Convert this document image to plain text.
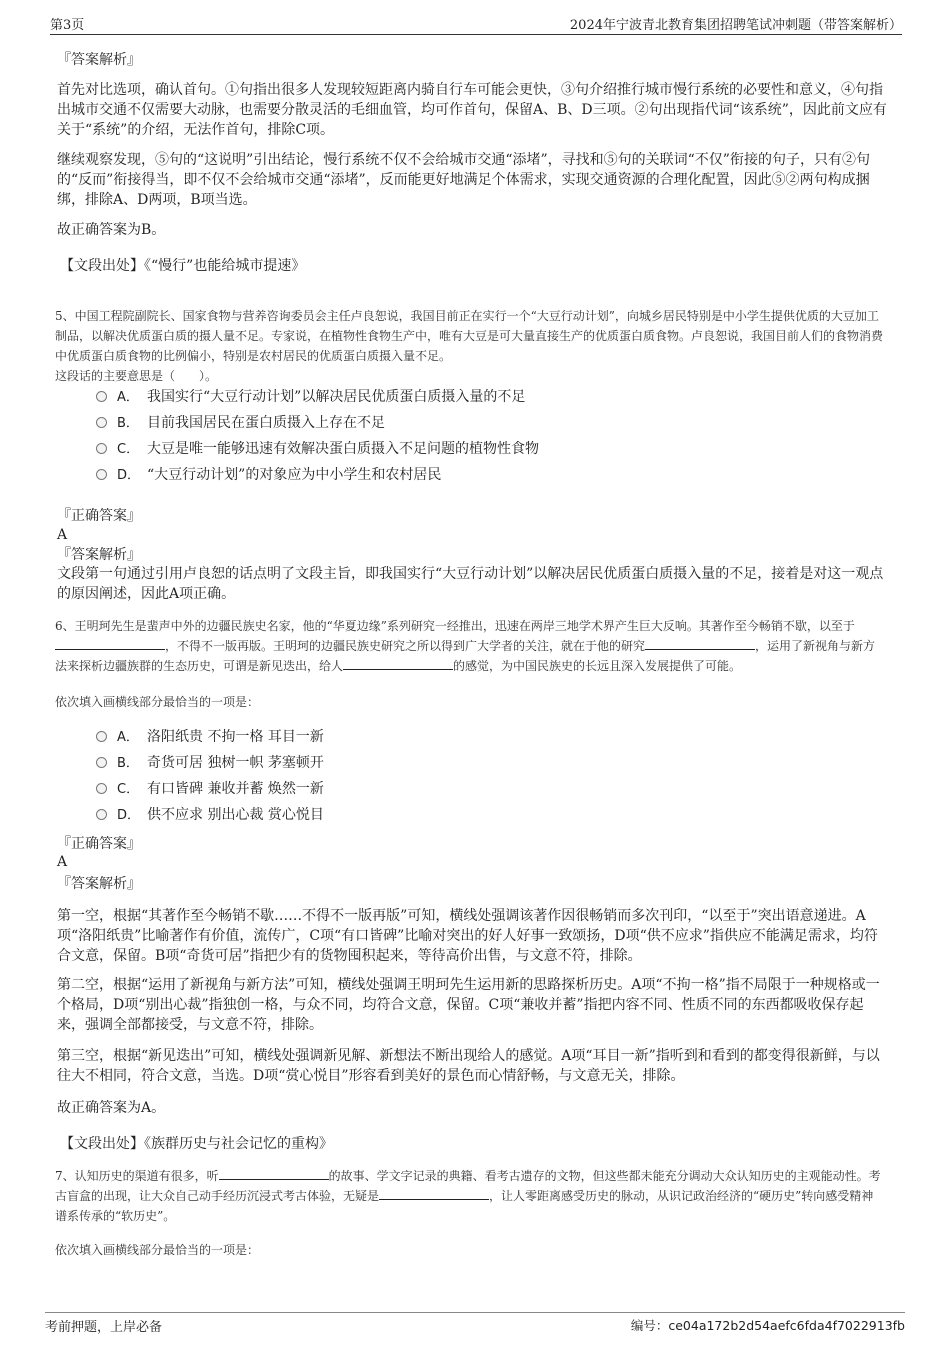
第3页	2024年宁波青北教育集团招聘笔试冲刺题（带答案解析）
『答案解析』
首先对比选项，确认首句。①句指出很多人发现较短距离内骑自行车可能会更快，③句介绍推行城市慢行系统的必要性和意义，④句指出城市交通不仅需要大动脉，也需要分散灵活的毛细血管，均可作首句，保留A、B、D三项。②句出现指代词“该系统”，因此前文应有关于“系统”的介绍，无法作首句，排除C项。
继续观察发现，⑤句的“这说明”引出结论，慢行系统不仅不会给城市交通“添堵”，寻找和⑤句的关联词“不仅”衔接的句子，只有②句的“反而”衔接得当，即不仅不会给城市交通“添堵”，反而能更好地满足个体需求，实现交通资源的合理化配置，因此⑤②两句构成捆绑，排除A、D两项，B项当选。
故正确答案为B。
【文段出处】《“慢行”也能给城市提速》
5、中国工程院副院长、国家食物与营养咨询委员会主任卢良恕说，我国目前正在实行一个“大豆行动计划”，向城乡居民特别是中小学生提供优质的大豆加工制品，以解决优质蛋白质的摄人量不足。专家说，在植物性食物生产中，唯有大豆是可大量直接生产的优质蛋白质食物。卢良恕说，我国目前人们的食物消费中优质蛋白质食物的比例偏小，特别是农村居民的优质蛋白质摄入量不足。
这段话的主要意思是（　　）。
A． 我国实行“大豆行动计划”以解决居民优质蛋白质摄入量的不足
B． 目前我国居民在蛋白质摄入上存在不足
C． 大豆是唯一能够迅速有效解决蛋白质摄入不足问题的植物性食物
D． “大豆行动计划”的对象应为中小学生和农村居民
『正确答案』
A
『答案解析』
文段第一句通过引用卢良恕的话点明了文段主旨，即我国实行“大豆行动计划”以解决居民优质蛋白质摄入量的不足，接着是对这一观点的原因阐述，因此A项正确。
6、王明珂先生是蜚声中外的边疆民族史名家，他的“华夏边缘”系列研究一经推出，迅速在两岸三地学术界产生巨大反响。其著作至今畅销不歇，以至于，不得不一版再版。王明珂的边疆民族史研究之所以得到广大学者的关注，就在于他的研究	，运用了新视角与新方法来探析边疆族群的生态历史，可谓是新见迭出，给人	的感觉，为中国民族史的长远且深入发展提供了可能。
依次填入画横线部分最恰当的一项是：
A． 洛阳纸贵 不拘一格 耳目一新
B． 奇货可居 独树一帜 茅塞顿开
C． 有口皆碑 兼收并蓄 焕然一新
D． 供不应求 别出心裁 赏心悦目
『正确答案』
A
『答案解析』
第一空，根据“其著作至今畅销不歇……不得不一版再版”可知，横线处强调该著作因很畅销而多次刊印，“以至于”突出语意递进。A项“洛阳纸贵”比喻著作有价值，流传广，C项“有口皆碑”比喻对突出的好人好事一致颂扬，D项“供不应求”指供应不能满足需求，均符合文意，保留。B项“奇货可居”指把少有的货物囤积起来，等待高价出售，与文意不符，排除。
第二空，根据“运用了新视角与新方法”可知，横线处强调王明珂先生运用新的思路探析历史。A项“不拘一格”指不局限于一种规格或一个格局，D项“别出心裁”指独创一格，与众不同，均符合文意，保留。C项“兼收并蓄”指把内容不同、性质不同的东西都吸收保存起来，强调全部都接受，与文意不符，排除。
第三空，根据“新见迭出”可知，横线处强调新见解、新想法不断出现给人的感觉。A项“耳目一新”指听到和看到的都变得很新鲜，与以往大不相同，符合文意，当选。D项“赏心悦目”形容看到美好的景色而心情舒畅，与文意无关，排除。
故正确答案为A。
【文段出处】《族群历史与社会记忆的重构》
7、认知历史的渠道有很多，听	的故事、学文字记录的典籍、看考古遗存的文物，但这些都未能充分调动大众认知历史的主观能动性。考古盲盒的出现，让大众自己动手经历沉浸式考古体验，无疑是	，让人零距离感受历史的脉动，从识记政治经济的“硬历史”转向感受精神谱系传承的“软历史”。
依次填入画横线部分最恰当的一项是：
考前押题，上岸必备	编号：ce04a172b2d54aefc6fda4f7022913fb
